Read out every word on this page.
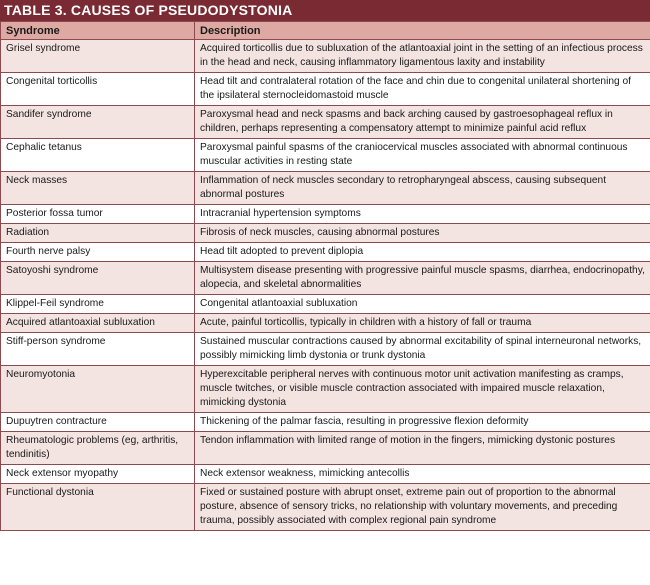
TABLE 3. CAUSES OF PSEUDODYSTONIA
Syndrome	Description
Grisel syndrome	Acquired torticollis due to subluxation of the atlantoaxial joint in the setting of an infectious process in the head and neck, causing inflammatory ligamentous laxity and instability
Congenital torticollis	Head tilt and contralateral rotation of the face and chin due to congenital unilateral shortening of the ipsilateral sternocleidomastoid muscle
Sandifer syndrome	Paroxysmal head and neck spasms and back arching caused by gastroesophageal reflux in children, perhaps representing a compensatory attempt to minimize painful acid reflux
Cephalic tetanus	Paroxysmal painful spasms of the craniocervical muscles associated with abnormal continuous muscular activities in resting state
Neck masses	Inflammation of neck muscles secondary to retropharyngeal abscess, causing subsequent abnormal postures
Posterior fossa tumor	Intracranial hypertension symptoms
Radiation	Fibrosis of neck muscles, causing abnormal postures
Fourth nerve palsy	Head tilt adopted to prevent diplopia
Satoyoshi syndrome	Multisystem disease presenting with progressive painful muscle spasms, diarrhea, endocrinopathy, alopecia, and skeletal abnormalities
Klippel-Feil syndrome	Congenital atlantoaxial subluxation
Acquired atlantoaxial subluxation	Acute, painful torticollis, typically in children with a history of fall or trauma
Stiff-person syndrome	Sustained muscular contractions caused by abnormal excitability of spinal interneuronal networks, possibly mimicking limb dystonia or trunk dystonia
Neuromyotonia	Hyperexcitable peripheral nerves with continuous motor unit activation manifesting as cramps, muscle twitches, or visible muscle contraction associated with impaired muscle relaxation, mimicking dystonia
Dupuytren contracture	Thickening of the palmar fascia, resulting in progressive flexion deformity
Rheumatologic problems (eg, arthritis, tendinitis)	Tendon inflammation with limited range of motion in the fingers, mimicking dystonic postures
Neck extensor myopathy	Neck extensor weakness, mimicking antecollis
Functional dystonia	Fixed or sustained posture with abrupt onset, extreme pain out of proportion to the abnormal posture, absence of sensory tricks, no relationship with voluntary movements, and preceding trauma, possibly associated with complex regional pain syndrome
